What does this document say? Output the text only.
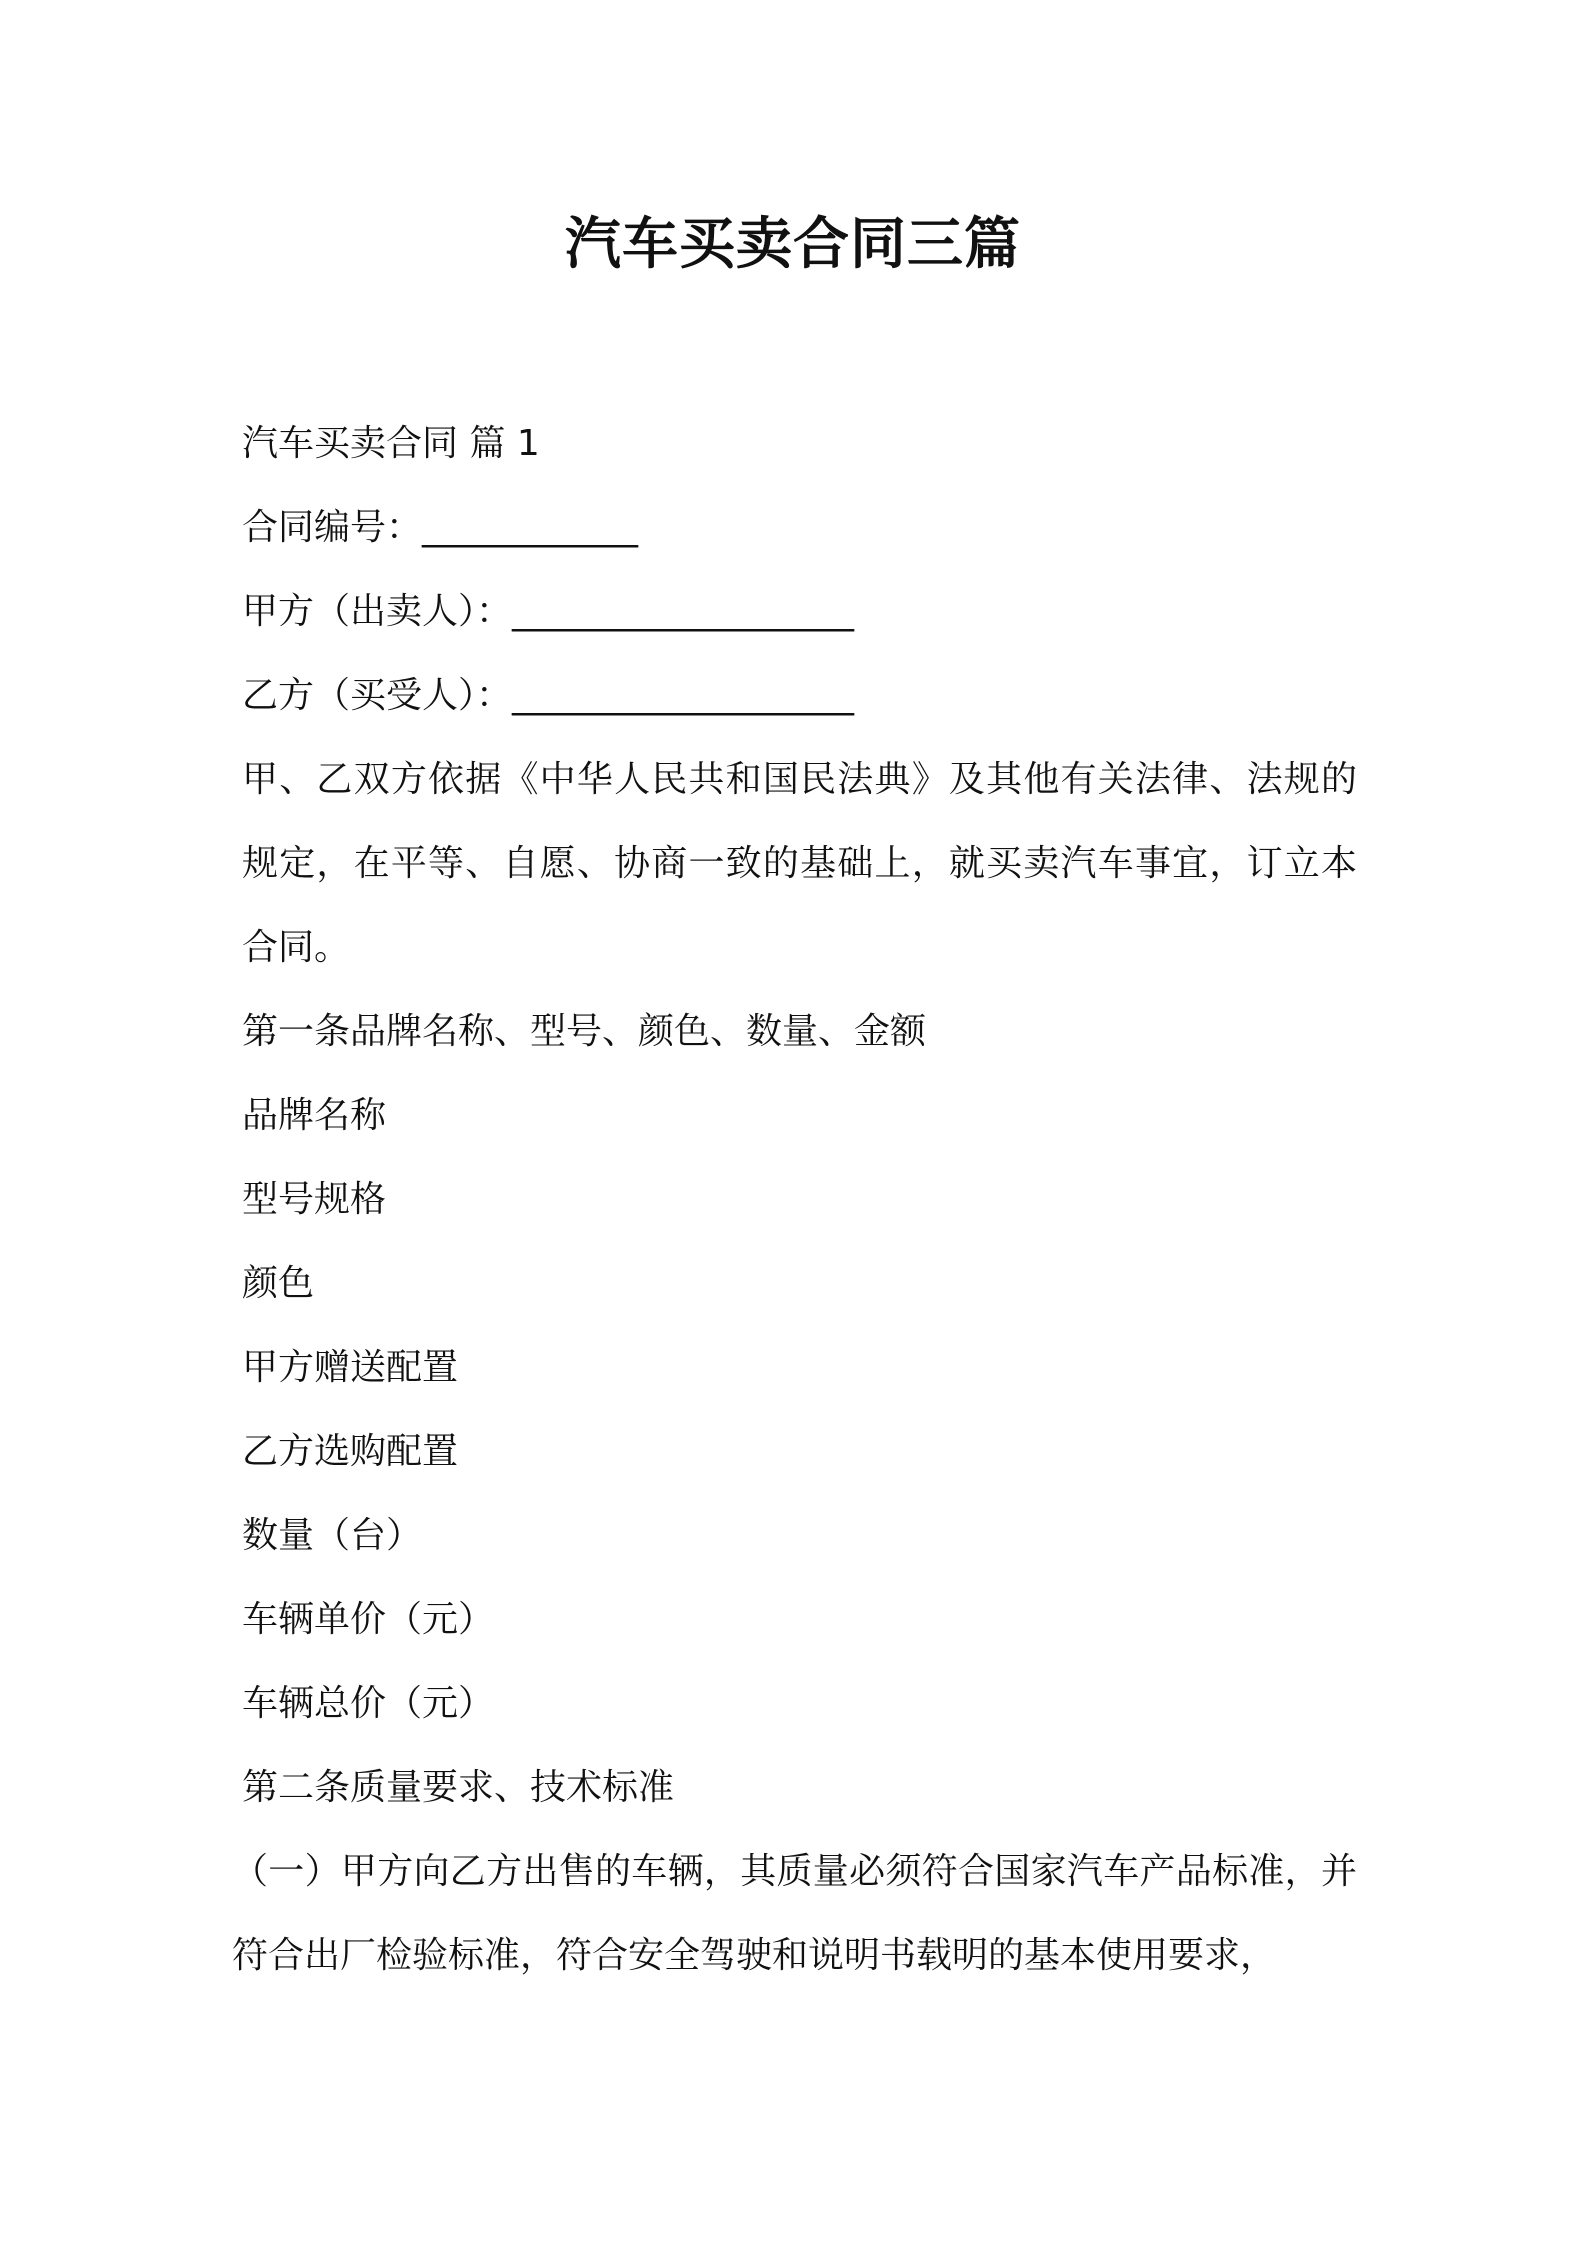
汽车买卖合同三篇
汽车买卖合同 篇 1
合同编号：____________
甲方（出卖人）：___________________
乙方（买受人）：___________________
甲、乙双方依据《中华人民共和国民法典》及其他有关法律、法规的规定，在平等、自愿、协商一致的基础上，就买卖汽车事宜，订立本合同。
第一条品牌名称、型号、颜色、数量、金额
品牌名称
型号规格
颜色
甲方赠送配置
乙方选购配置
数量（台）
车辆单价（元）
车辆总价（元）
第二条质量要求、技术标准
（一）甲方向乙方出售的车辆，其质量必须符合国家汽车产品标准，并符合出厂检验标准，符合安全驾驶和说明书载明的基本使用要求，
